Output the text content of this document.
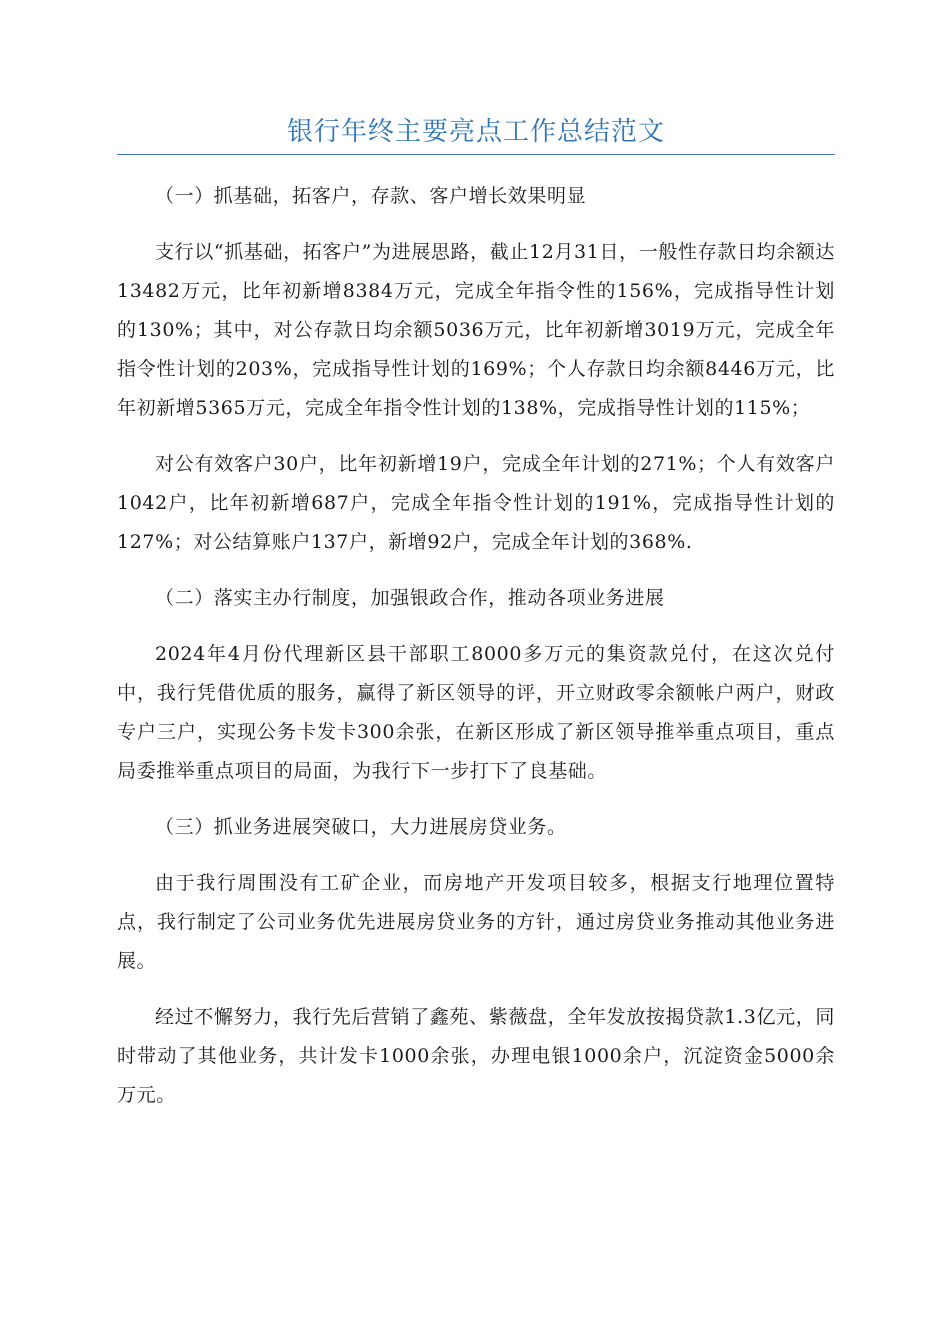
银行年终主要亮点工作总结范文

（一）抓基础，拓客户，存款、客户增长效果明显

支行以“抓基础，拓客户”为进展思路，截止12月31日，一般性存款日均余额达13482万元，比年初新增8384万元，完成全年指令性的156%，完成指导性计划的130%；其中，对公存款日均余额5036万元，比年初新增3019万元，完成全年指令性计划的203%，完成指导性计划的169%；个人存款日均余额8446万元，比年初新增5365万元，完成全年指令性计划的138%，完成指导性计划的115%；

对公有效客户30户，比年初新增19户，完成全年计划的271%；个人有效客户1042户，比年初新增687户，完成全年指令性计划的191%，完成指导性计划的127%；对公结算账户137户，新增92户，完成全年计划的368%.

（二）落实主办行制度，加强银政合作，推动各项业务进展

2024年4月份代理新区县干部职工8000多万元的集资款兑付，在这次兑付中，我行凭借优质的服务，赢得了新区领导的评，开立财政零余额帐户两户，财政专户三户，实现公务卡发卡300余张，在新区形成了新区领导推举重点项目，重点局委推举重点项目的局面，为我行下一步打下了良基础。

（三）抓业务进展突破口，大力进展房贷业务。

由于我行周围没有工矿企业，而房地产开发项目较多，根据支行地理位置特点，我行制定了公司业务优先进展房贷业务的方针，通过房贷业务推动其他业务进展。

经过不懈努力，我行先后营销了鑫苑、紫薇盘，全年发放按揭贷款1.3亿元，同时带动了其他业务，共计发卡1000余张，办理电银1000余户，沉淀资金5000余万元。
